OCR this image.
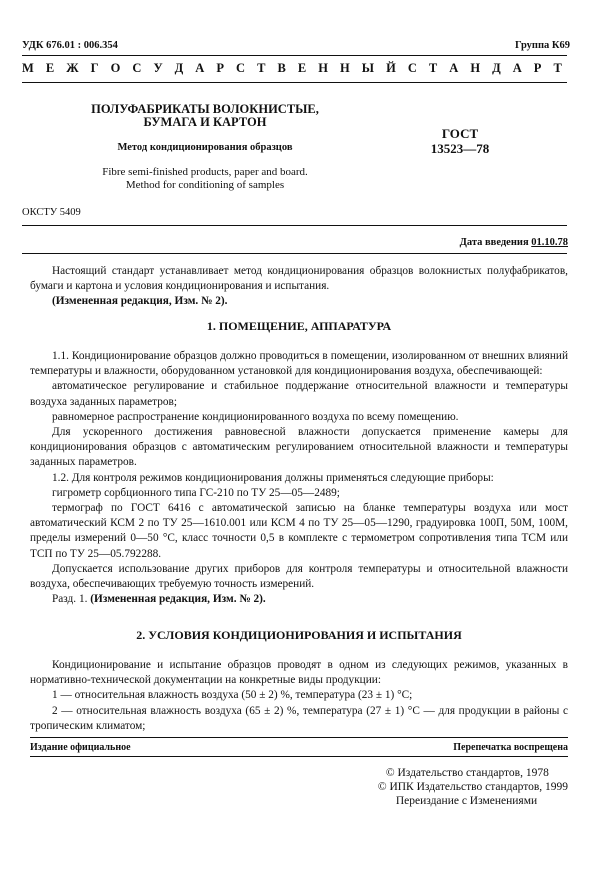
УДК 676.01 : 006.354	Группа К69
М Е Ж Г О С У Д А Р С Т В Е Н Н Ы Й С Т А Н Д А Р Т
ПОЛУФАБРИКАТЫ ВОЛОКНИСТЫЕ,
БУМАГА И КАРТОН
Метод кондиционирования образцов
ГОСТ
13523—78
Fibre semi-finished products, paper and board.
Method for conditioning of samples
ОКСТУ 5409
Дата введения 01.10.78

Настоящий стандарт устанавливает метод кондиционирования образцов волокнистых полуфабрикатов, бумаги и картона и условия кондиционирования и испытания.

(Измененная редакция, Изм. № 2).

1. ПОМЕЩЕНИЕ, АППАРАТУРА

1.1. Кондиционирование образцов должно проводиться в помещении, изолированном от внешних влияний температуры и влажности, оборудованном установкой для кондиционирования воздуха, обеспечивающей:

автоматическое регулирование и стабильное поддержание относительной влажности и температуры воздуха заданных параметров;

равномерное распространение кондиционированного воздуха по всему помещению.

Для ускоренного достижения равновесной влажности допускается применение камеры для кондиционирования образцов с автоматическим регулированием относительной влажности и температуры заданных параметров.

1.2. Для контроля режимов кондиционирования должны применяться следующие приборы:

гигрометр сорбционного типа ГС-210 по ТУ 25—05—2489;

термограф по ГОСТ 6416 с автоматической записью на бланке температуры воздуха или мост автоматический КСМ 2 по ТУ 25—1610.001 или КСМ 4 по ТУ 25—05—1290, градуировка 100П, 50М, 100М, пределы измерений 0—50 °С, класс точности 0,5 в комплекте с термометром сопротивления типа ТСМ или ТСП по ТУ 25—05.792288.

Допускается использование других приборов для контроля температуры и относительной влажности воздуха, обеспечивающих требуемую точность измерений.

Разд. 1. (Измененная редакция, Изм. № 2).

2. УСЛОВИЯ КОНДИЦИОНИРОВАНИЯ И ИСПЫТАНИЯ

Кондиционирование и испытание образцов проводят в одном из следующих режимов, указанных в нормативно-технической документации на конкретные виды продукции:

1 — относительная влажность воздуха (50 ± 2) %, температура (23 ± 1) °С;

2 — относительная влажность воздуха (65 ± 2) %, температура (27 ± 1) °С — для продукции в районы с тропическим климатом;

Издание официальное	Перепечатка воспрещена
© Издательство стандартов, 1978
© ИПК Издательство стандартов, 1999
Переиздание с Изменениями
